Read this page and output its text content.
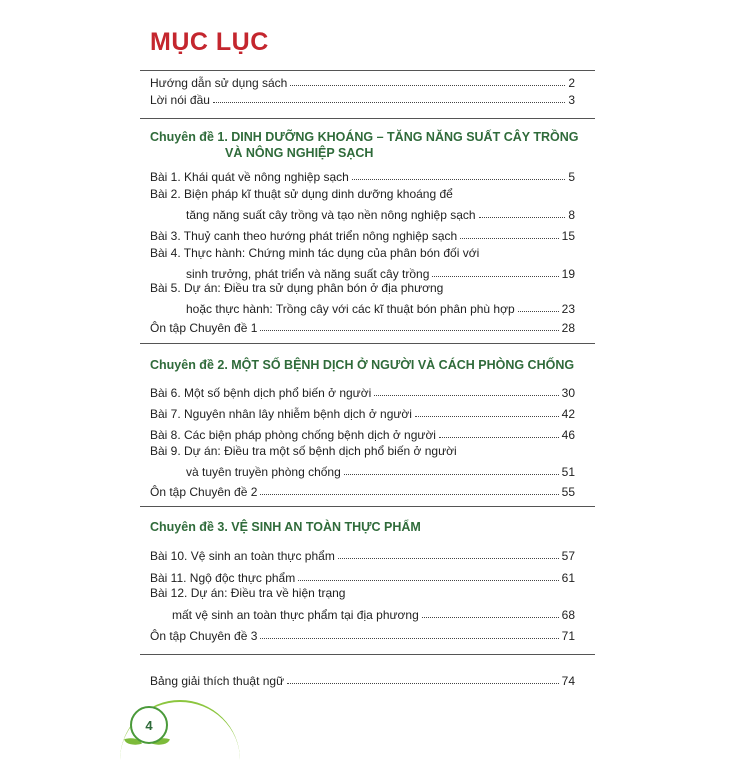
MỤC LỤC
Hướng dẫn sử dụng sách	2
Lời nói đầu	3
Chuyên đề 1. DINH DƯỠNG KHOÁNG – TĂNG NĂNG SUẤT CÂY TRỒNG
VÀ NÔNG NGHIỆP SẠCH
Bài 1. Khái quát về nông nghiệp sạch	5
Bài 2. Biện pháp kĩ thuật sử dụng dinh dưỡng khoáng để
tăng năng suất cây trồng và tạo nền nông nghiệp sạch	8
Bài 3. Thuỷ canh theo hướng phát triển nông nghiệp sạch	15
Bài 4. Thực hành: Chứng minh tác dụng của phân bón đối với
sinh trưởng, phát triển và năng suất cây trồng	19
Bài 5. Dự án: Điều tra sử dụng phân bón ở địa phương
hoặc thực hành: Trồng cây với các kĩ thuật bón phân phù hợp	23
Ôn tập Chuyên đề 1	28
Chuyên đề 2. MỘT SỐ BỆNH DỊCH Ở NGƯỜI VÀ CÁCH PHÒNG CHỐNG
Bài 6. Một số bệnh dịch phổ biến ở người	30
Bài 7. Nguyên nhân lây nhiễm bệnh dịch ở người	42
Bài 8. Các biện pháp phòng chống bệnh dịch ở người	46
Bài 9. Dự án: Điều tra một số bệnh dịch phổ biến ở người
và tuyên truyền phòng chống	51
Ôn tập Chuyên đề 2	55
Chuyên đề 3. VỆ SINH AN TOÀN THỰC PHẨM
Bài 10. Vệ sinh an toàn thực phẩm	57
Bài 11. Ngộ độc thực phẩm	61
Bài 12. Dự án: Điều tra về hiện trạng
mất vệ sinh an toàn thực phẩm tại địa phương	68
Ôn tập Chuyên đề 3	71
Bảng giải thích thuật ngữ	74
4
